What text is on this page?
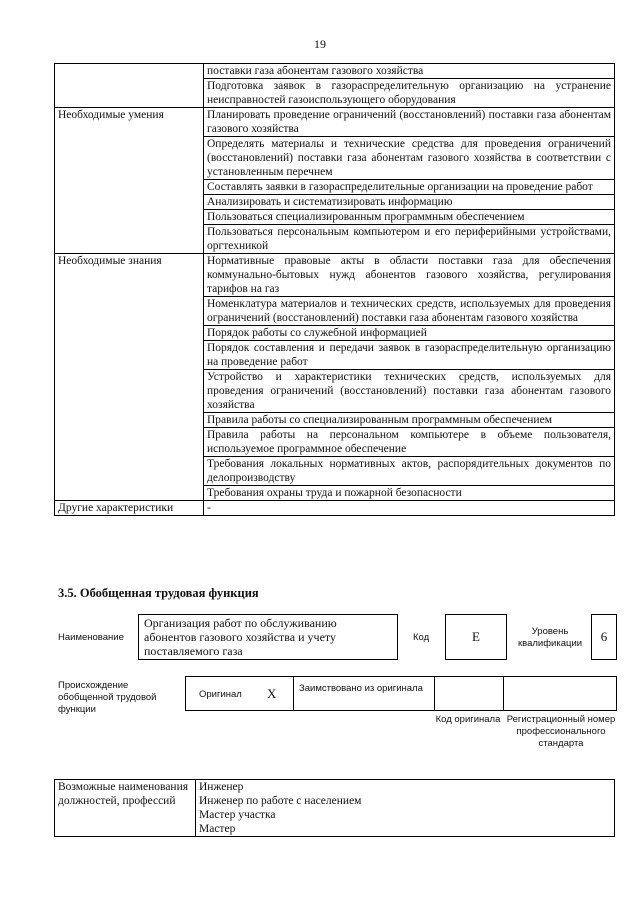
19
	поставки газа абонентам газового хозяйства
	Подготовка заявок в газораспределительную организацию на устранение неисправностей газоиспользующего оборудования
Необходимые умения	Планировать проведение ограничений (восстановлений) поставки газа абонентам газового хозяйства
	Определять материалы и технические средства для проведения ограничений (восстановлений) поставки газа абонентам газового хозяйства в соответствии с установленным перечнем
	Составлять заявки в газораспределительные организации на проведение работ
	Анализировать и систематизировать информацию
	Пользоваться специализированным программным обеспечением
	Пользоваться персональным компьютером и его периферийными устройствами, оргтехникой
Необходимые знания	Нормативные правовые акты в области поставки газа для обеспечения коммунально-бытовых нужд абонентов газового хозяйства, регулирования тарифов на газ
	Номенклатура материалов и технических средств, используемых для проведения ограничений (восстановлений) поставки газа абонентам газового хозяйства
	Порядок работы со служебной информацией
	Порядок составления и передачи заявок в газораспределительную организацию на проведение работ
	Устройство и характеристики технических средств, используемых для проведения ограничений (восстановлений) поставки газа абонентам газового хозяйства
	Правила работы со специализированным программным обеспечением
	Правила работы на персональном компьютере в объеме пользователя, используемое программное обеспечение
	Требования локальных нормативных актов, распорядительных документов по делопроизводству
	Требования охраны труда и пожарной безопасности
Другие характеристики	-
3.5. Обобщенная трудовая функция
Наименование
Организация работ по обслуживанию абонентов газового хозяйства и учету поставляемого газа
Код	E	Уровень квалификации	6
Происхождение обобщенной трудовой функции
Оригинал X Заимствовано из оригинала
Код оригинала Регистрационный номер профессионального стандарта
Возможные наименования должностей, профессий	Инженер
Инженер по работе с населением
Мастер участка
Мастер
